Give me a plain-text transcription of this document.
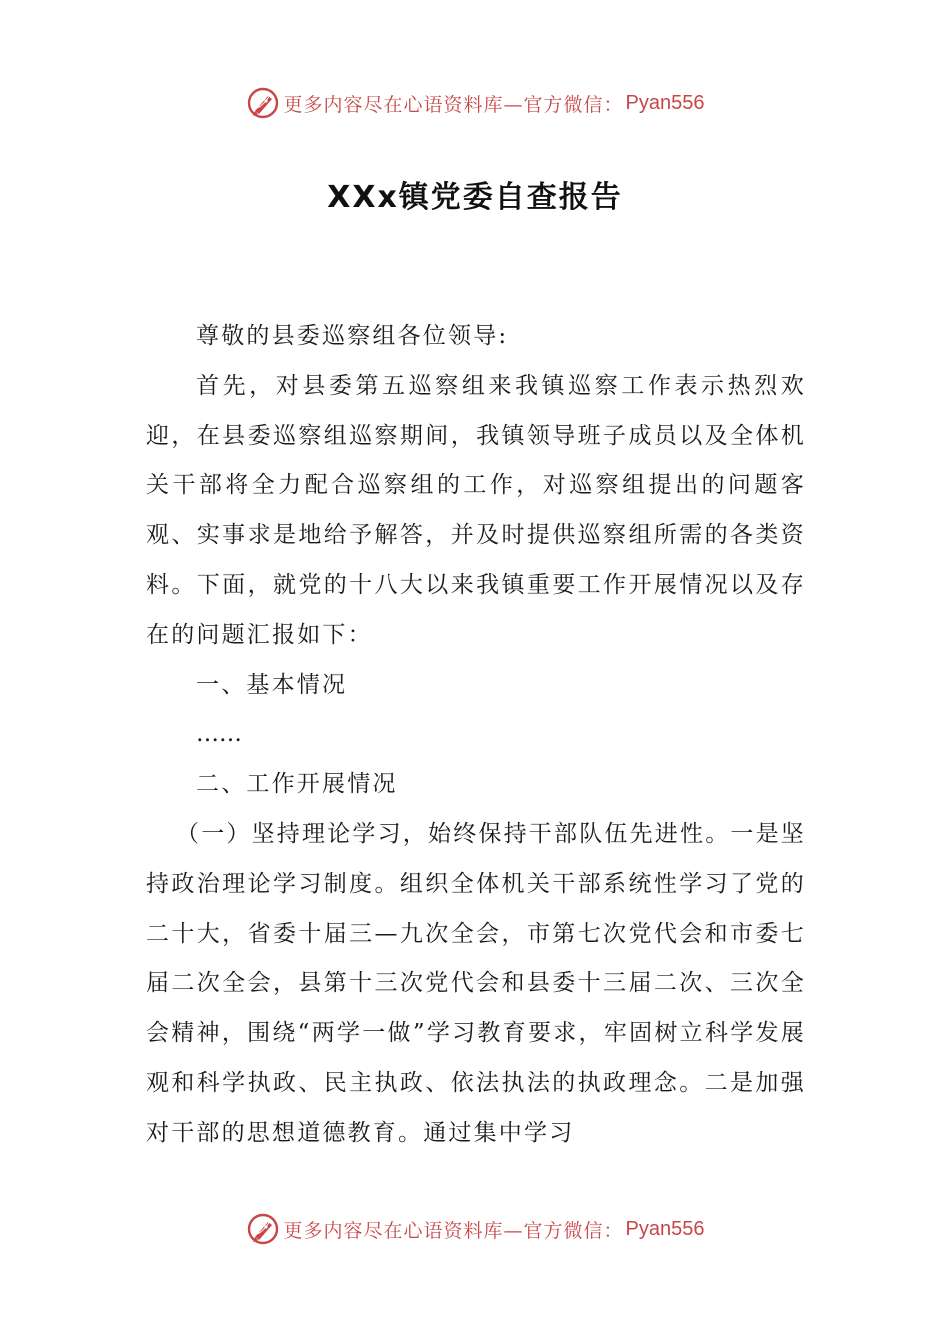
更多内容尽在心语资料库 —官方微信： Pyan556
XXx镇党委自查报告

尊敬的县委巡察组各位领导:

首先，对县委第五巡察组来我镇巡察工作表示热烈欢迎，在县委巡察组巡察期间，我镇领导班子成员以及全体机关干部将全力配合巡察组的工作，对巡察组提出的问题客观、实事求是地给予解答，并及时提供巡察组所需的各类资料。下面，就党的十八大以来我镇重要工作开展情况以及存在的问题汇报如下：

一、基本情况

……

二、工作开展情况

（一）坚持理论学习，始终保持干部队伍先进性。一是坚持政治理论学习制度。组织全体机关干部系统性学习了党的二十大，省委十届三—九次全会，市第七次党代会和市委七届二次全会，县第十三次党代会和县委十三届二次、三次全会精神，围绕“两学一做”学习教育要求，牢固树立科学发展观和科学执政、民主执政、依法执法的执政理念。二是加强对干部的思想道德教育。通过集中学习

更多内容尽在心语资料库 —官方微信： Pyan556
